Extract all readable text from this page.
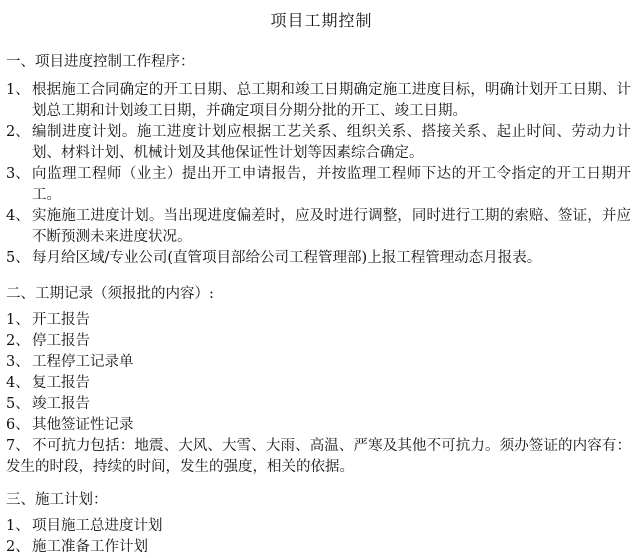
项目工期控制
一、项目进度控制工作程序：
1、 根据施工合同确定的开工日期、总工期和竣工日期确定施工进度目标，明确计划开工日期、计划总工期和计划竣工日期，并确定项目分期分批的开工、竣工日期。
2、 编制进度计划。施工进度计划应根据工艺关系、组织关系、搭接关系、起止时间、劳动力计划、材料计划、机械计划及其他保证性计划等因素综合确定。
3、 向监理工程师（业主）提出开工申请报告，并按监理工程师下达的开工令指定的开工日期开工。
4、 实施施工进度计划。当出现进度偏差时，应及时进行调整，同时进行工期的索赔、签证，并应不断预测未来进度状况。
5、 每月给区域/专业公司(直管项目部给公司工程管理部)上报工程管理动态月报表。
二、工期记录（须报批的内容）:
1、 开工报告
2、 停工报告
3、 工程停工记录单
4、 复工报告
5、 竣工报告
6、 其他签证性记录
7、 不可抗力包括：地震、大风、大雪、大雨、高温、严寒及其他不可抗力。须办签证的内容有：发生的时段，持续的时间，发生的强度，相关的依据。
三、施工计划：
1、 项目施工总进度计划
2、 施工准备工作计划
